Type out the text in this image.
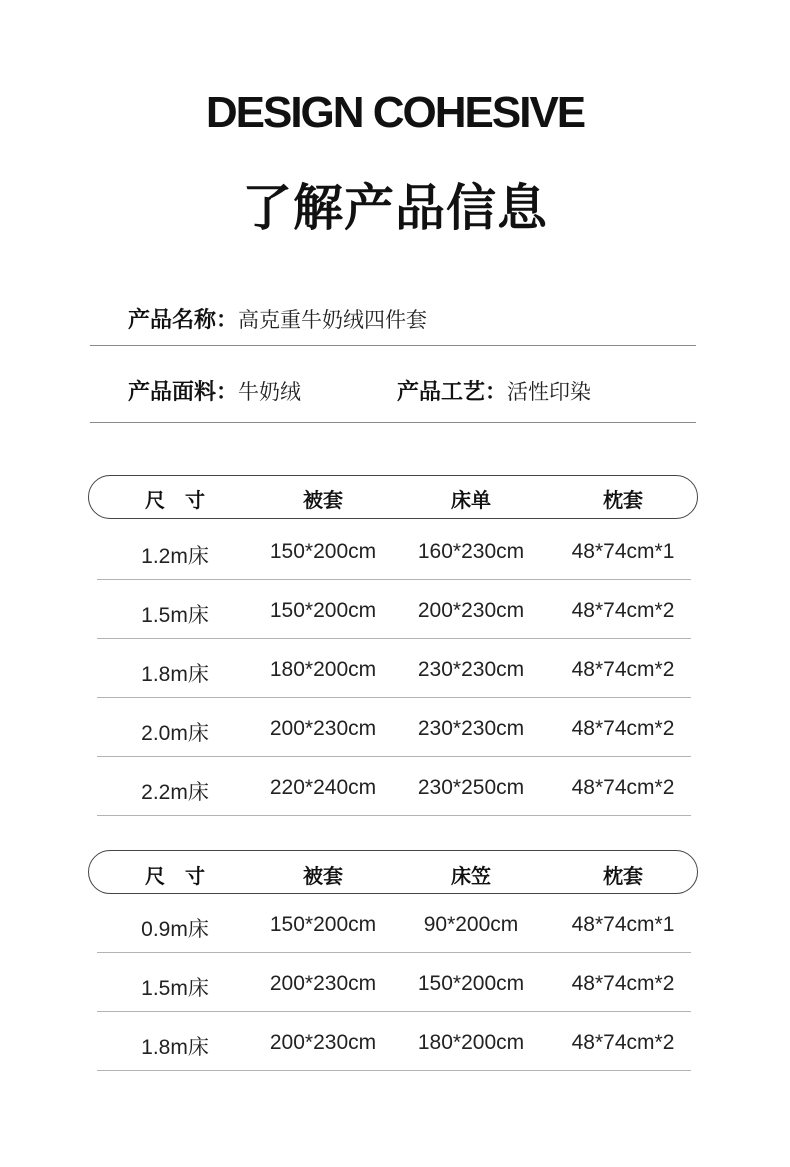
DESIGN COHESIVE
了解产品信息
产品名称：高克重牛奶绒四件套
产品面料：牛奶绒	产品工艺：活性印染
尺　寸	被套	床单	枕套
1.2m床	150*200cm 160*230cm 48*74cm*1
1.5m床	150*200cm 200*230cm 48*74cm*2
1.8m床	180*200cm 230*230cm 48*74cm*2
2.0m床	200*230cm 230*230cm 48*74cm*2
2.2m床	220*240cm 230*250cm 48*74cm*2
尺　寸	被套	床笠	枕套
0.9m床	150*200cm 90*200cm	48*74cm*1
1.5m床	200*230cm 150*200cm 48*74cm*2
1.8m床	200*230cm 180*200cm 48*74cm*2
